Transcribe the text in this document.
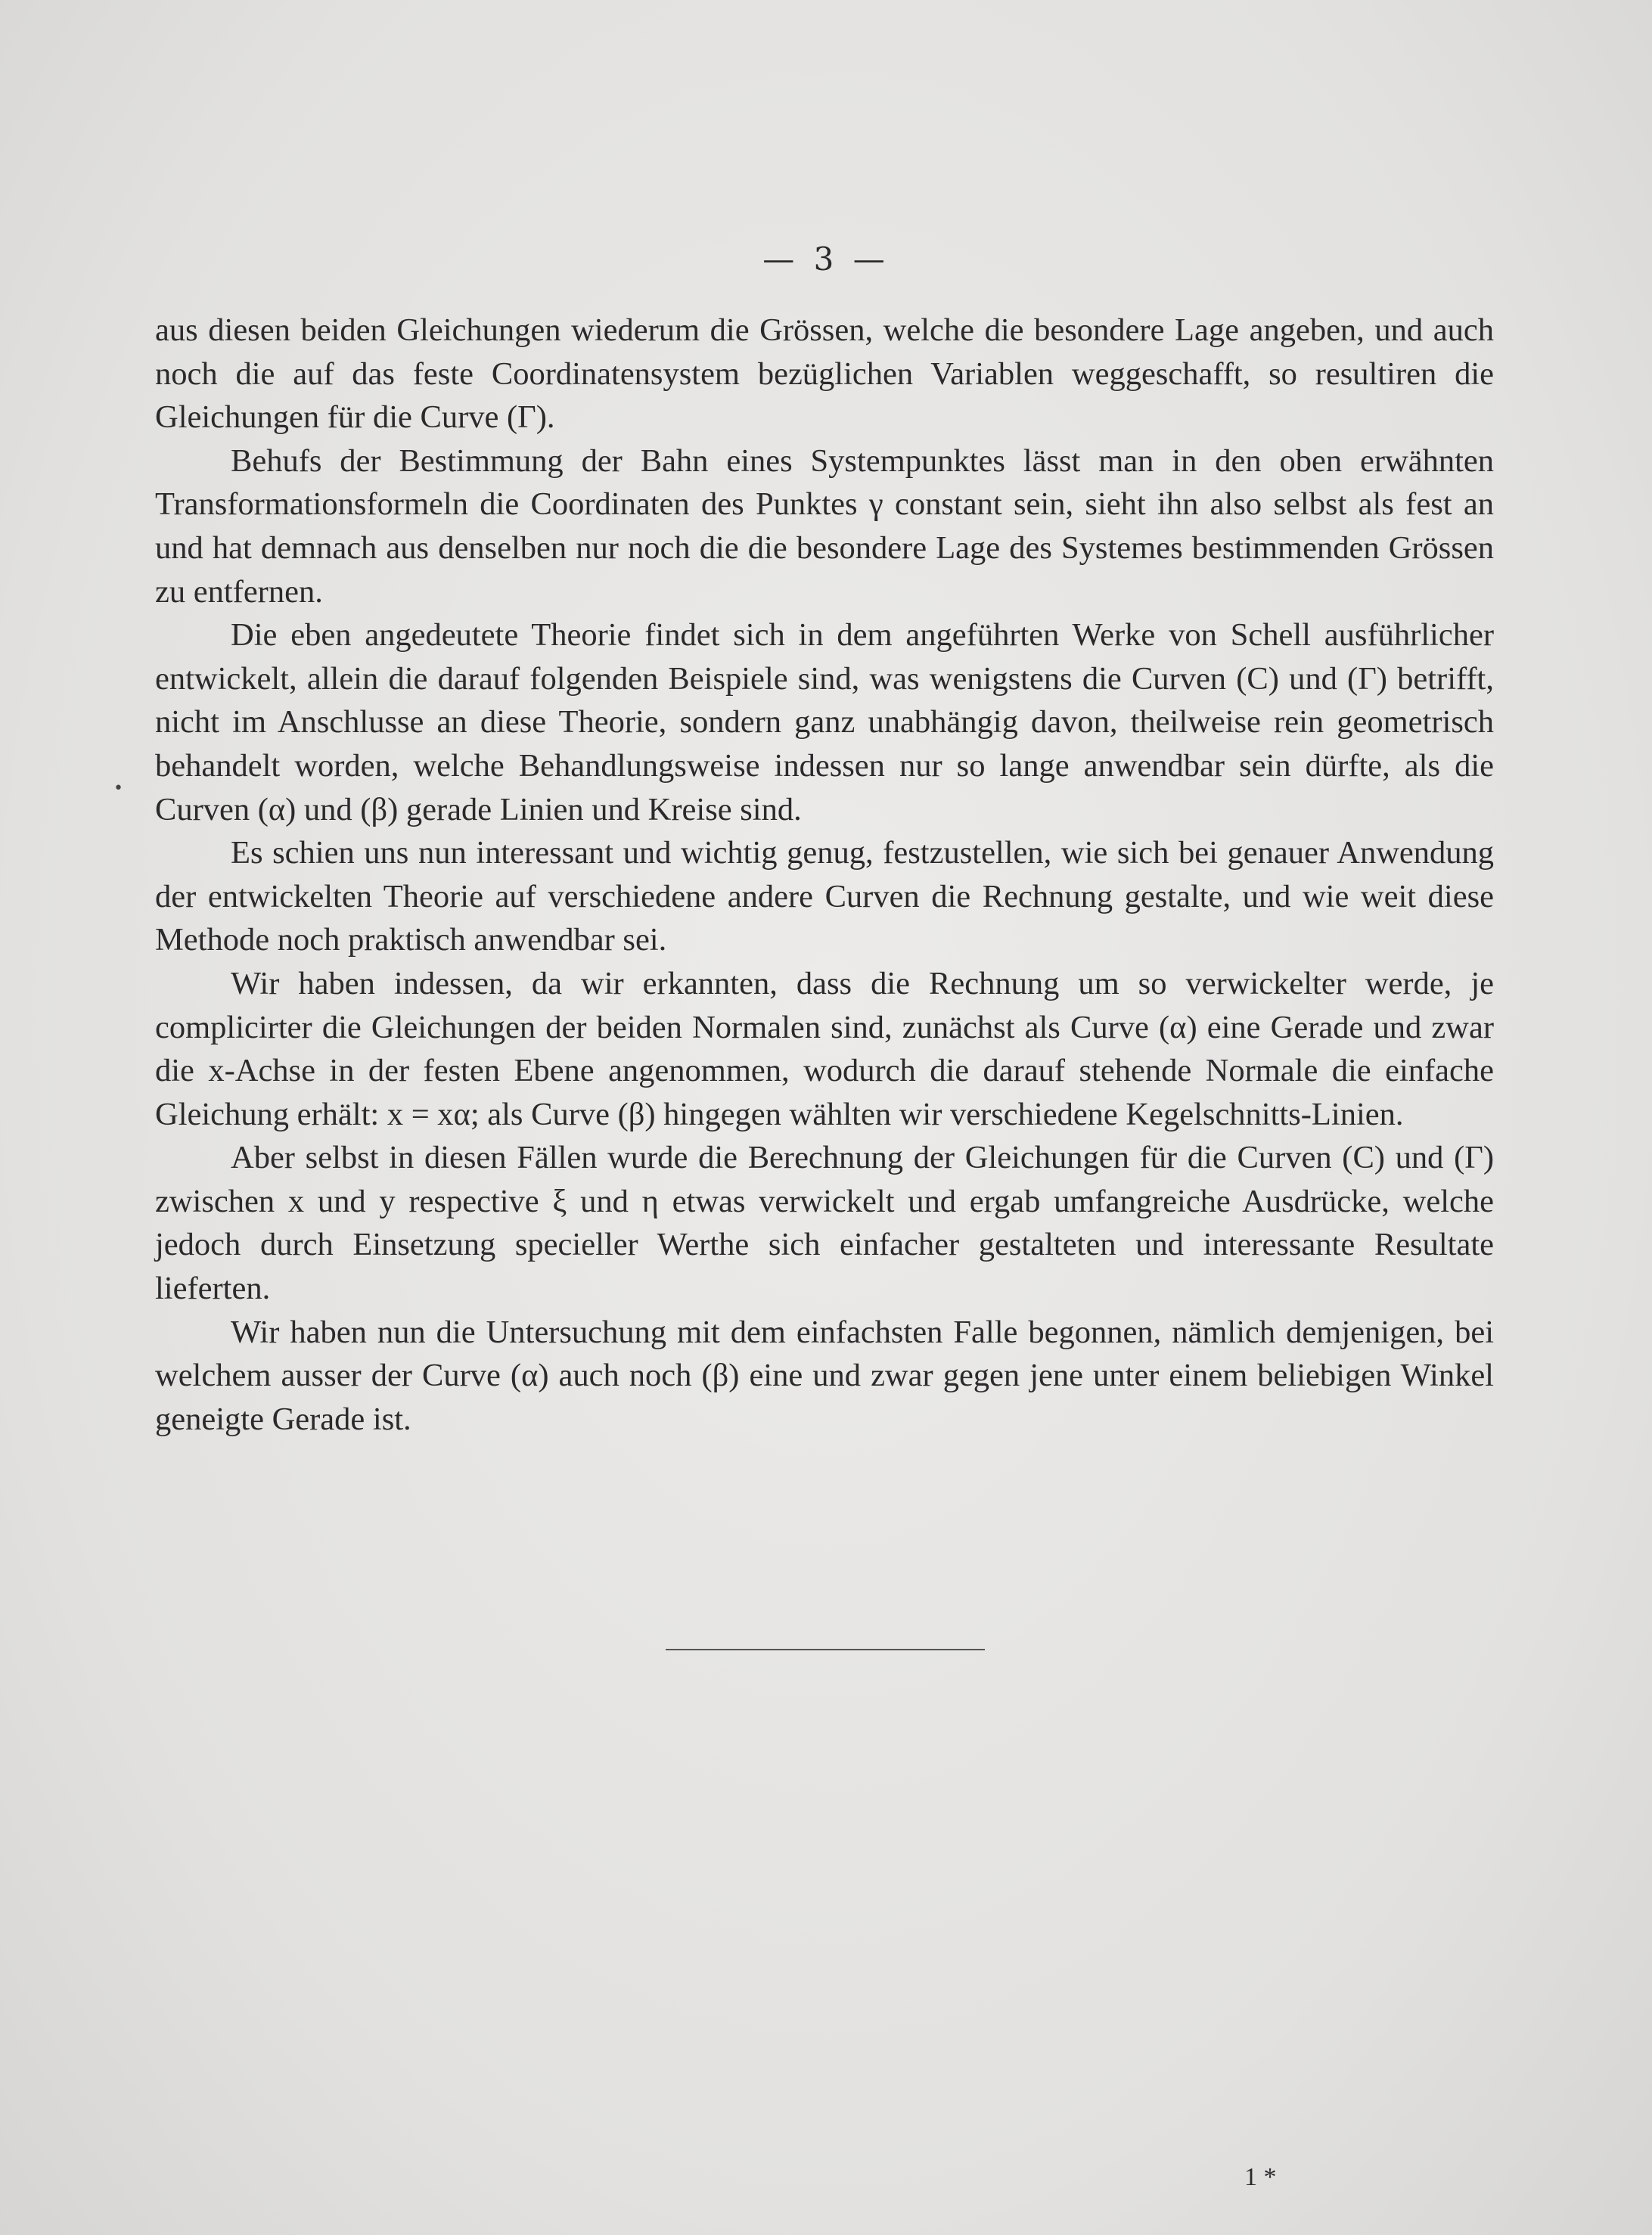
— 3 —
•

aus diesen beiden Gleichungen wiederum die Grössen, welche die besondere Lage angeben, und auch noch die auf das feste Coordinatensystem bezüglichen Variablen weggeschafft, so resultiren die Gleichungen für die Curve (Γ).

Behufs der Bestimmung der Bahn eines Systempunktes lässt man in den oben erwähnten Transformationsformeln die Coordinaten des Punktes γ constant sein, sieht ihn also selbst als fest an und hat demnach aus denselben nur noch die die besondere Lage des Systemes bestimmenden Grössen zu entfernen.

Die eben angedeutete Theorie findet sich in dem angeführten Werke von Schell ausführlicher entwickelt, allein die darauf folgenden Beispiele sind, was wenigstens die Curven (C) und (Γ) betrifft, nicht im Anschlusse an diese Theorie, sondern ganz unabhängig davon, theilweise rein geometrisch behandelt worden, welche Behandlungsweise indessen nur so lange anwendbar sein dürfte, als die Curven (α) und (β) gerade Linien und Kreise sind.

Es schien uns nun interessant und wichtig genug, festzustellen, wie sich bei genauer Anwendung der entwickelten Theorie auf verschiedene andere Curven die Rechnung gestalte, und wie weit diese Methode noch praktisch anwendbar sei.

Wir haben indessen, da wir erkannten, dass die Rechnung um so verwickelter werde, je complicirter die Gleichungen der beiden Normalen sind, zunächst als Curve (α) eine Gerade und zwar die x-Achse in der festen Ebene angenommen, wodurch die darauf stehende Normale die einfache Gleichung erhält: x = xα; als Curve (β) hingegen wählten wir verschiedene Kegelschnitts-Linien.

Aber selbst in diesen Fällen wurde die Berechnung der Gleichungen für die Curven (C) und (Γ) zwischen x und y respective ξ und η etwas verwickelt und ergab umfangreiche Ausdrücke, welche jedoch durch Einsetzung specieller Werthe sich einfacher gestalteten und interessante Resultate lieferten.

Wir haben nun die Untersuchung mit dem einfachsten Falle begonnen, nämlich demjenigen, bei welchem ausser der Curve (α) auch noch (β) eine und zwar gegen jene unter einem beliebigen Winkel geneigte Gerade ist.

1 *
